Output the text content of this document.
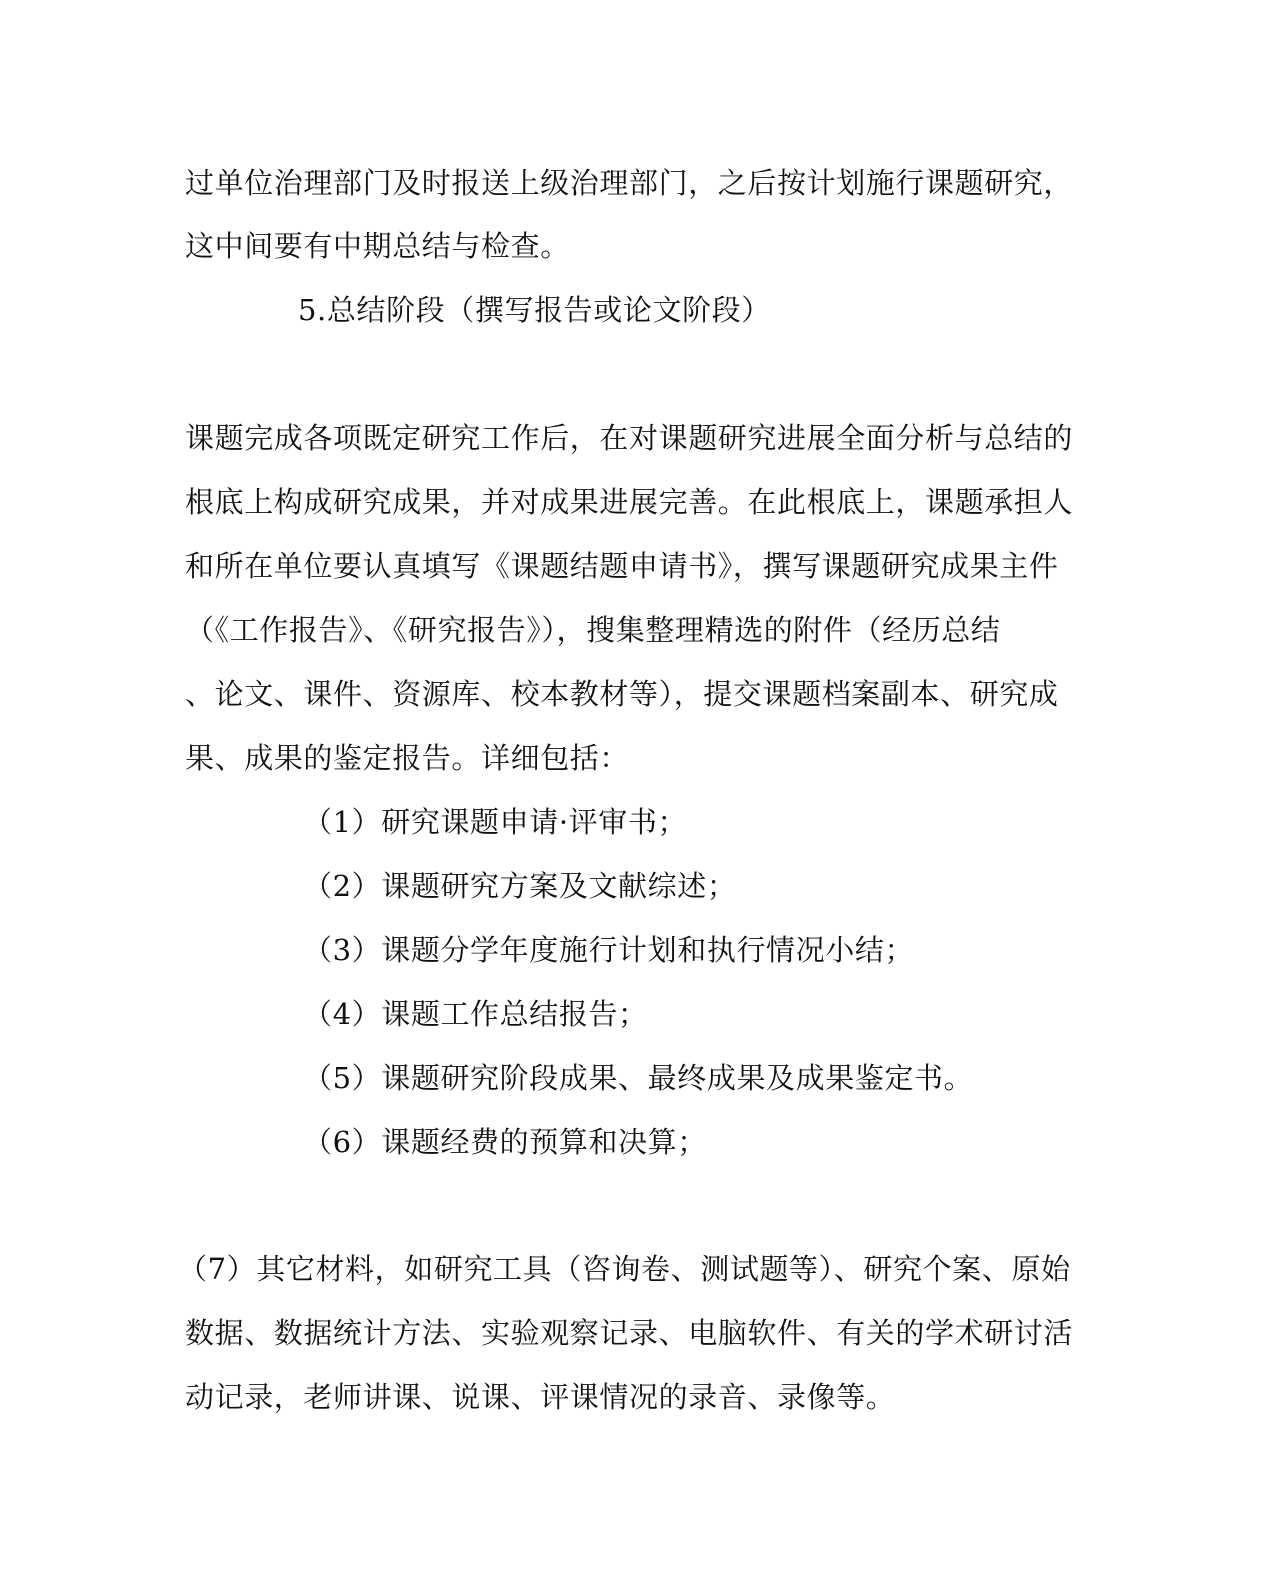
过单位治理部门及时报送上级治理部门，之后按计划施行课题研究，
这中间要有中期总结与检查。
5.总结阶段（撰写报告或论文阶段）
课题完成各项既定研究工作后，在对课题研究进展全面分析与总结的
根底上构成研究成果，并对成果进展完善。在此根底上，课题承担人
和所在单位要认真填写《课题结题申请书》，撰写课题研究成果主件
（《工作报告》、《研究报告》），搜集整理精选的附件（经历总结
、论文、课件、资源库、校本教材等），提交课题档案副本、研究成
果、成果的鉴定报告。详细包括：
（1）研究课题申请·评审书；
（2）课题研究方案及文献综述；
（3）课题分学年度施行计划和执行情况小结；
（4）课题工作总结报告；
（5）课题研究阶段成果、最终成果及成果鉴定书。
（6）课题经费的预算和决算；
（7）其它材料，如研究工具（咨询卷、测试题等）、研究个案、原始
数据、数据统计方法、实验观察记录、电脑软件、有关的学术研讨活
动记录，老师讲课、说课、评课情况的录音、录像等。
